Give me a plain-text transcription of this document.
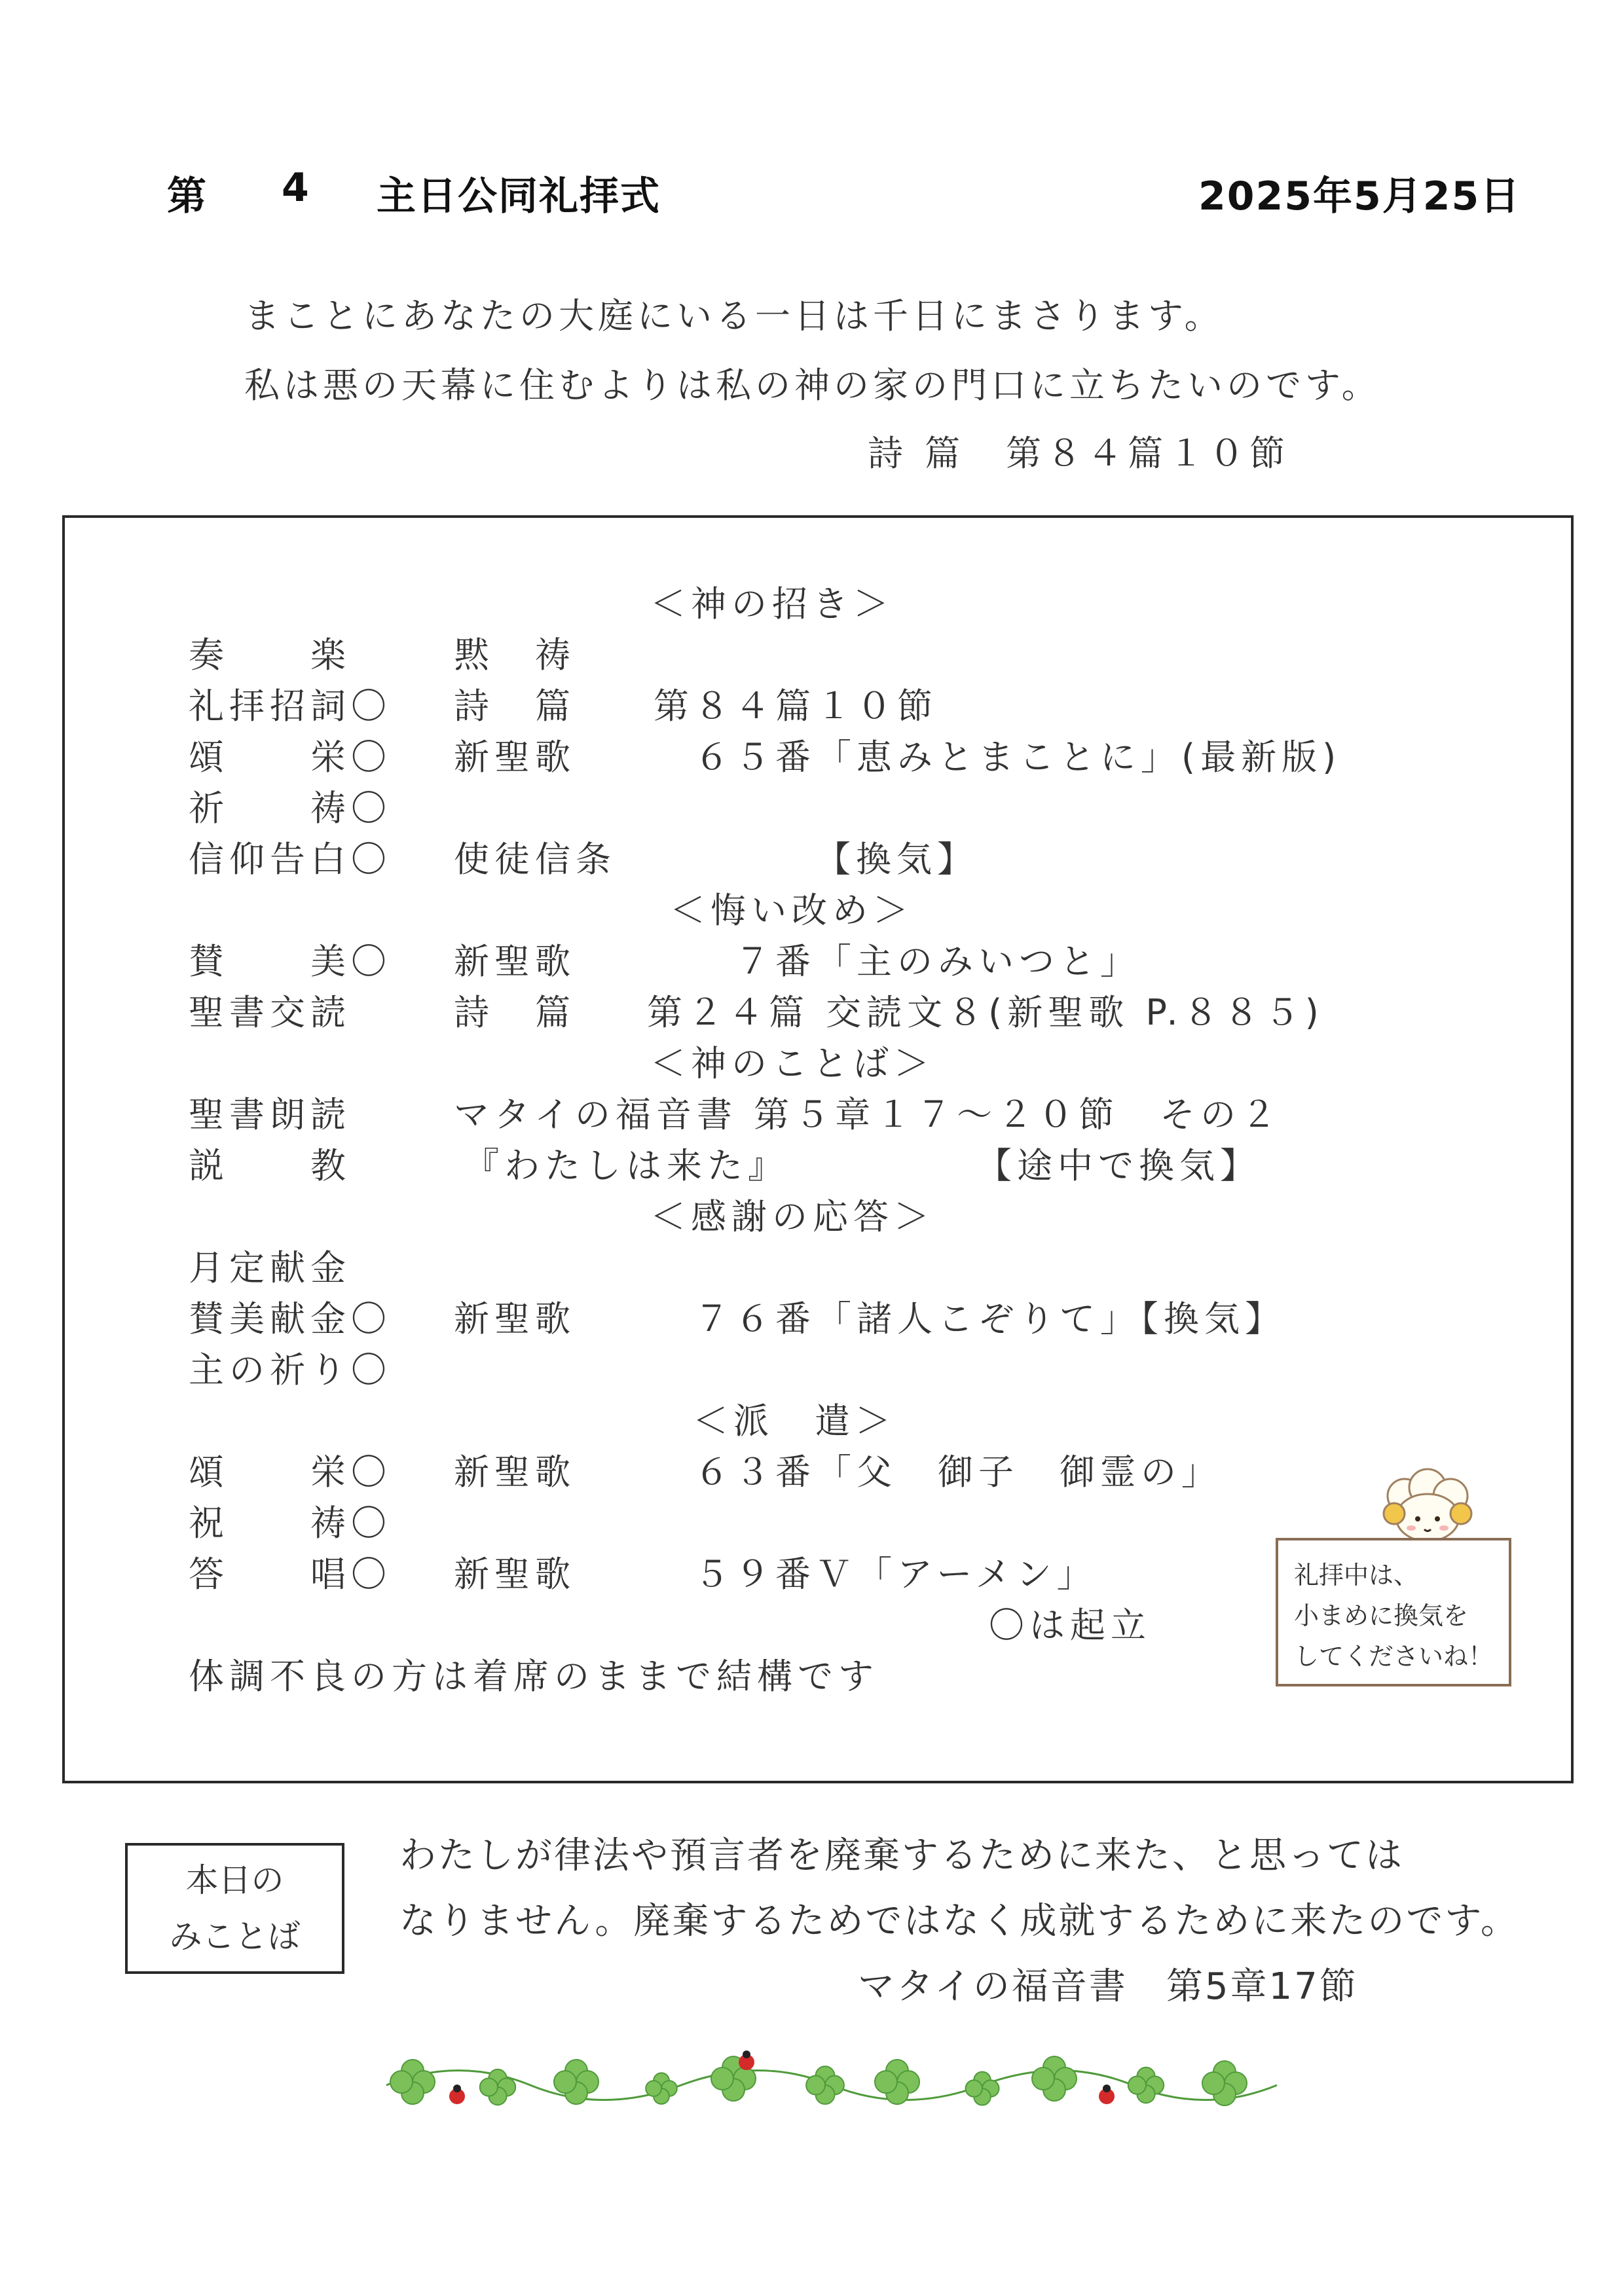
第 4 主日公同礼拝式	2025年5月25日
まことにあなたの大庭にいる一日は千日にまさります。
私は悪の天幕に住むよりは私の神の家の門口に立ちたいのです。
詩 篇　第８４篇１０節
＜神の招き＞
奏　　楽	黙　祷
礼拝招詞〇 詩　篇 第８４篇１０節
頌　　栄〇 新聖歌 　６５番「恵みとまことに」(最新版)
祈　　祷〇
信仰告白〇 使徒信条	　　【換気】
＜悔い改め＞
賛　　美〇 新聖歌 　　７番「主のみいつと」
聖書交読	詩　篇 第２４篇 交読文８(新聖歌 P.８８５)
＜神のことば＞
聖書朗読	マタイの福音書 第５章１７～２０節　その２
説　　教	『わたしは来た』 　　　　　【途中で換気】
＜感謝の応答＞
月定献金
賛美献金〇 新聖歌 　７６番「諸人こぞりて」【換気】
主の祈り〇
＜派　遣＞
頌　　栄〇 新聖歌 　６３番「父　御子　御霊の」
祝　　祷〇
答　　唱〇 新聖歌 　５９番Ｖ「アーメン」
〇は起立
体調不良の方は着席のままで結構です
礼拝中は、
小まめに換気を
してくださいね！
本日の
みことば
わたしが律法や預言者を廃棄するために来た、と思っては
なりません。廃棄するためではなく成就するために来たのです。
マタイの福音書　第5章17節
